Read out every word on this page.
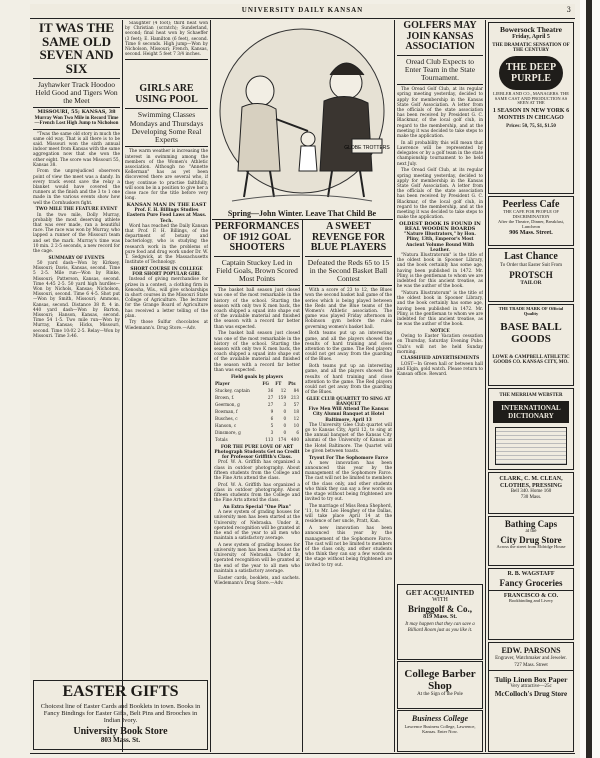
UNIVERSITY DAILY KANSAN	3
IT WAS THE SAME OLD SEVEN AND SIX
Jayhawker Track Hoodoo Held Good and Tigers Won the Meet
MISSOURI, 55; KANSAS, 38
Murray Won Two Mile in Record Time—French Lost High Jump to Nicholson

"Twas the same old story in much the same old way. That is all there is to be said. Missouri won the sixth annual indoor meet from Kansas with the same aggregation now that she won the other eight. The score was Missouri 55, Kansas 38.

From the unprejudiced observers point of view the meet was a dandy. In every track event save the relay a blanket would have covered the runners at the finish and the 3 to 1 one made in the various events show how well the Cornhuskers fight.

TWO MILE THE FEATURE EVENT

In the two mile, Dolly Murray, probably the most deserving athlete that was ever made, ran a beautiful race. The race was won by Murray, who lapped a runner of the Missouri team and set the mark. Murray's time was 10 min. 2 2-5 seconds, a new record for the cage.

SUMMARY OF EVENTS

50 yard dash—Won by Kirksey, Missouri; Davis, Kansas, second. Time 5 2-5. Mile run—Won by Rinke, Missouri; Patterson, Kansas, second. Time 4:45 2-5. 50 yard high hurdles—Won by Nichols, Kansas; Nicholson, Missouri, second. Time 6 4-5. Shot put—Won by Smith, Missouri; Ammons, Kansas, second. Distance 38 ft. 4 in. 440 yard dash—Won by Barton, Missouri; Hanson, Kansas, second. Time 54 1-5. Two mile run—Won by Murray, Kansas; Hicks, Missouri, second. Time 10:02 2-5. Relay—Won by Missouri. Time 3:46.

EASTER GIFTS
Choicest line of Easter Cards and Booklets in town. Books in Fancy Bindings for Easter Gifts, Belt Pins and Brooches in Indian Ivory.
University Book Store
803 Mass. St.

Slaughter (4 foot); third heat won by Christian (scratch); Sunderland, second; final heat won by Schaeffer (3 feet); E. Hamilton (6 feet), second. Time 8 seconds. High jump—Won by Nicholson, Missouri; French, Kansas, second. Height 5 feet 7 3/4 inches.

GIRLS ARE USING POOL
Swimming Classes Mondays and Thursdays Developing Some Real Experts

The warm weather is increasing the interest in swimming among the members of the Women's Athletic association. Although no "Annette Kellerman" has as yet been discovered there are several who, if they continue to practise faithfully, will soon be in a position to give her a close race for the title before very long.

KANSAN MAN IN THE EAST
Prof. F. H. Billings Studies Eastern Pure Food Laws at Mass. Tech.

Word has reached the Daily Kansan that Prof. F. H. Billings, of the department of botany and bacteriology, who is studying the research work in the problems of pure food and drug work under Dr. W. T. Sedgwick, at the Massachusetts Institute of Technology.

SHORT COURSE IN COLLEGE FOR SHORT POPULAR GIRL

Instead of giving merchandise for prizes in a contest, a clothing firm in Kenosha, Wis., will give scholarships in short courses in the Missouri State College of Agriculture. The lecturer for the Grange Board of Agriculture has received a letter telling of the plan.

Try those Sulfur chocolates at Wiedemann's. Drug Store.—Adv.

GLOBE TROTTERS
Spring—John Winter. Leave That Child Be
PERFORMANCES OF 1912 GOAL SHOOTERS
Captain Stuckey Led in Field Goals, Brown Scored Most Points

The basket ball season just closed was one of the most remarkable in the history of the school. Starting the season with only two K men back, the coach shipped a squad into shape out of the available material and finished the season with a record far better than was expected.

The basket ball season just closed was one of the most remarkable in the history of the school. Starting the season with only two K men back, the coach shipped a squad into shape out of the available material and finished the season with a record far better than was expected.

Field goals by players
Player	FG	FT	Pts
Stuckey, captain	36	12	84
Brown, f.	27	159	213
Geermon, g	27	3	57
Bowman, f	9	0	18
Busches, c	6	0	12
Hanson, c	5	0	10
Dinsmore, g	3	0	6
Totals	113	174	400
FOR THE PURE LOVE OF ART
Photograph Students Get no Credit for Professor Griffith's Class.

Prof. W. A. Griffith has organized a class in outdoor photography. About fifteen students from the College and the Fine Arts attend the class.

Prof. W. A. Griffith has organized a class in outdoor photography. About fifteen students from the College and the Fine Arts attend the class.

An Extra Special "One Plan"

A new system of grading houses for university men has been started at the University of Nebraska. Under it, operated recognition will be granted at the end of the year to all men who maintain a satisfactory average.

A new system of grading houses for university men has been started at the University of Nebraska. Under it, operated recognition will be granted at the end of the year to all men who maintain a satisfactory average.

Easter cards, booklets, and sachets. Wiedemann's Drug Store.—Adv.

A SWEET REVENGE FOR BLUE PLAYERS
Defeated the Reds 65 to 15 in the Second Basket Ball Contest

With a score of 23 to 12, the Blues won the second basket ball game of the series which is being played between the Reds and the Blue teams of the Women's Athletic association. The game was played Friday afternoon in Robinson gym before the rules governing women's basket ball.

Both teams put up an interesting game, and all the players showed the results of hard training and close attention to the game. The Red players could not get away from the guarding of the Blues.

Both teams put up an interesting game, and all the players showed the results of hard training and close attention to the game. The Red players could not get away from the guarding of the Blues.

GLEE CLUB QUARTET TO SING AT BANQUET
Five Men Will Attend The Kansas City Alumni Banquet at Hotel Baltimore, April 13

The University Glee Club quartet will go to Kansas City, April 12, to sing at the annual banquet of the Kansas City alumni of the University of Kansas at the Hotel Baltimore. The Quartet will be given between toasts.

Tryout For The Sophomore Farce

A new innovation has been announced this year by the management of the Sophomore Farce. The cast will not be limited to members of the class only, and other students who think they can say a few words on the stage without being frightened are invited to try out.

The marriage of Miss Rena Shepherd, '11, to Mr. Leo Heughey of the Dallas, will take place April 14 at the residence of her uncle, Pratt, Kan.

A new innovation has been announced this year by the management of the Sophomore Farce. The cast will not be limited to members of the class only, and other students who think they can say a few words on the stage without being frightened are invited to try out.

GOLFERS MAY JOIN KANSAS ASSOCIATION
Oread Club Expects to Enter Team in the State Tournament.

The Oread Golf Club, at its regular spring meeting yesterday, decided to apply for membership in the Kansas State Golf Association. A letter from the officials of the state association has been received by President G. C. Blackmar, of the local golf club, in regard to the membership, and at the meeting it was decided to take steps to make the application.

In all probability this will mean that Lawrence will be represented by delegates or by a golf team in the state championship tournament to be held next July.

The Oread Golf Club, at its regular spring meeting yesterday, decided to apply for membership in the Kansas State Golf Association. A letter from the officials of the state association has been received by President G. C. Blackmar, of the local golf club, in regard to the membership, and at the meeting it was decided to take steps to make the application.

OLDEST BOOK IS FOUND IN REAL WOODEN BOARDS
"Nature Illustrators," by Hon. Pliny, 13th, Emperor's Most Ancient Volume Bound With Leather.

"Natura Illustratorum" is the title of the oldest book in Spooner Library, and the book certainly has some age, having been published in 1472. Mr. Pliny, is the gentleman to whom we are indebted for this ancient treatise, as he was the author of the book.

"Natura Illustratorum" is the title of the oldest book in Spooner Library, and the book certainly has some age, having been published in 1472. Mr. Pliny, is the gentleman to whom we are indebted for this ancient treatise, as he was the author of the book.

NOTICE

Owing to Easter Vacation cessation on Thursday, Saturday Evening Pubs. Club's will not be held Sunday morning.

CLASSIFIED ADVERTISEMENTS

LOST—In Green hall or between hall and Elgin, gold watch. Please return to Kansan office. Reward.

GET ACQUAINTED
WITH
Bringgolf & Co.,
819 Mass. St.
It may happen that they can save a Billiard Room just as you like it.
College Barber Shop
At the Sign of the Pole
Business College
Lawrence Business College, Lawrence, Kansas. Enter Now.
Bowersock Theatre
Friday, April 5
THE DRAMATIC SENSATION OF THE CENTURY
THE DEEP PURPLE
LIEBLER AND CO., MANAGERS. THE SAME CAST AND PRODUCTION AS SEEN AT THE
1 SEASON IN NEW YORK 6 MONTHS IN CHICAGO
Prices: 50, 75, $1, $1.50
Peerless Cafe
THE CAFE FOR PEOPLE OF DISCRIMINATION
After the Theatre, Dinner, Breakfast, Luncheon
906 Mass. Street.
Last Chance
To Order that Easter Suit From
PROTSCH
TAILOR
THE TRADE MARK OF Official Quality
BASE BALL GOODS
LOWE & CAMPBELL ATHLETIC GOODS CO. KANSAS CITY, MO.
THE MERRIAM WEBSTER
INTERNATIONAL DICTIONARY
CLARK, C. M. CLEAN, CLOTHES, PRESSING
Bell 340. Home 160
730 Mass.
Bathing Caps
at the
City Drug Store
Across the street from Eldridge House
R. B. WAGSTAFF
Fancy Groceries
FRANCISCO & CO.
Bookbinding and Livery
EDW. PARSONS
Engraver, Watchmaker and Jeweler.
727 Mass. Street
Tulip Linen Box Paper
Very attractive—25c
McColloch's Drug Store
